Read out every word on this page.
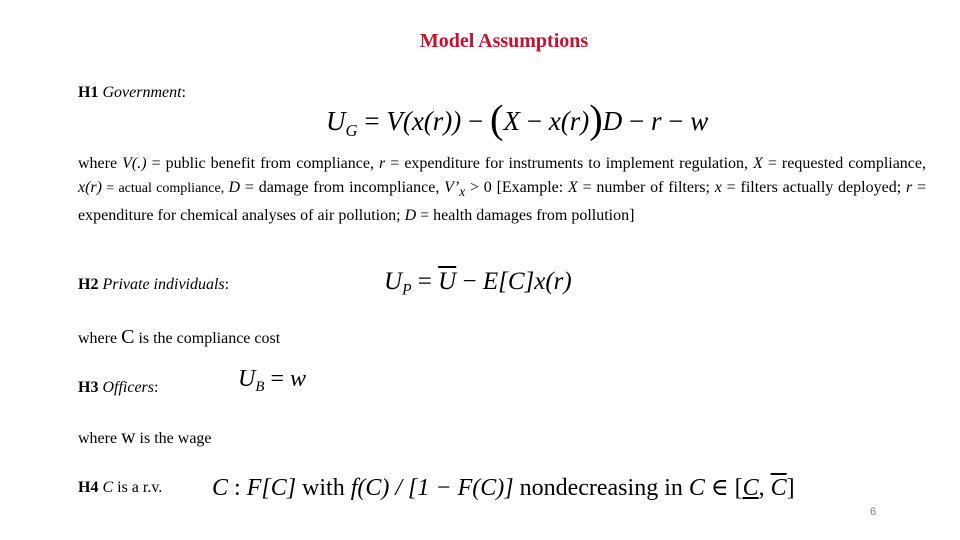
Model Assumptions
H1 Government:
$U_G = V(x(r)) - (X - x(r))D - r - w$
where V(.) = public benefit from compliance, r = expenditure for instruments to implement regulation, X = requested compliance, x(r) = actual compliance, D = damage from incompliance, $V’_x > 0$ [Example: X = number of filters; x = filters actually deployed; r = expenditure for chemical analyses of air pollution; D = health damages from pollution]
H2 Private individuals:	$U_P = \overline{U} - E[C]x(r)$
where C is the compliance cost
H3 Officers:	$U_B = w$
where w is the wage
H4 C is a r.v. C : F[C] with f(C) / [1 − F(C)] nondecreasing in C ∈ [C, $\overline{C}$]
6
